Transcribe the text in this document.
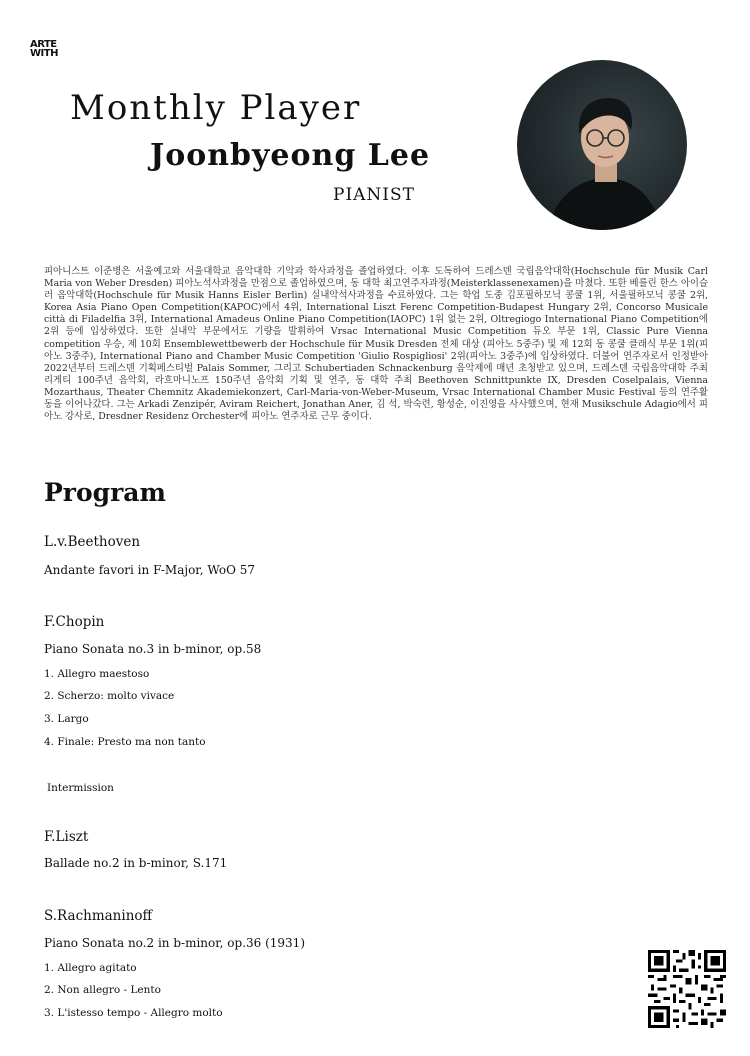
ARTE
WITH
Monthly Player
Joonbyeong Lee
PIANIST

피아니스트 이준병은 서울예고와 서울대학교 음악대학 기악과 학사과정을 졸업하였다. 이후 도독하여 드레스덴 국립음악대학(Hochschule für Musik Carl Maria von Weber Dresden) 피아노석사과정을 만점으로 졸업하였으며, 동 대학 최고연주자과정(Meisterklassenexamen)을 마쳤다. 또한 베를린 한스 아이슬러 음악대학(Hochschule für Musik Hanns Eisler Berlin) 실내악석사과정을 수료하였다. 그는 학업 도중 김포필하모닉 콩쿨 1위, 서울필하모닉 콩쿨 2위, Korea Asia Piano Open Competition(KAPOC)에서 4위, International Liszt Ferenc Competition-Budapest Hungary 2위, Concorso Musicale città di Filadelfia 3위, International Amadeus Online Piano Competition(IAOPC) 1위 없는 2위, Oltregiogo International Piano Competition에 2위 등에 입상하였다. 또한 실내악 부문에서도 기량을 발휘하여 Vrsac International Music Competition 듀오 부문 1위, Classic Pure Vienna competition 우승, 제 10회 Ensemblewettbewerb der Hochschule für Musik Dresden 전체 대상 (피아노 5중주) 및 제 12회 동 콩쿨 클래식 부문 1위(피아노 3중주), International Piano and Chamber Music Competition 'Giulio Rospigliosi' 2위(피아노 3중주)에 입상하였다. 더불어 연주자로서 인정받아 2022년부터 드레스덴 기획페스티벌 Palais Sommer, 그리고 Schubertiaden Schnackenburg 음악제에 매년 초청받고 있으며, 드레스덴 국립음악대학 주최 리게티 100주년 음악회, 라흐마니노프 150주년 음악회 기획 및 연주, 동 대학 주최 Beethoven Schnittpunkte IX, Dresden Coselpalais, Vienna Mozarthaus, Theater Chemnitz Akademiekonzert, Carl-Maria-von-Weber-Museum, Vrsac International Chamber Music Festival 등의 연주활동을 이어나갔다. 그는 Arkadi Zenzipér, Aviram Reichert, Jonathan Aner, 김 석, 박숙련, 황성순, 이진영을 사사했으며, 현재 Musikschule Adagio에서 피아노 강사로, Dresdner Residenz Orchester에 피아노 연주자로 근무 중이다.

Program
L.v.Beethoven
Andante favori in F-Major, WoO 57
F.Chopin
Piano Sonata no.3 in b-minor, op.58
1. Allegro maestoso
2. Scherzo: molto vivace
3. Largo
4. Finale: Presto ma non tanto
Intermission
F.Liszt
Ballade no.2 in b-minor, S.171
S.Rachmaninoff
Piano Sonata no.2 in b-minor, op.36 (1931)
1. Allegro agitato
2. Non allegro - Lento
3. L'istesso tempo - Allegro molto
